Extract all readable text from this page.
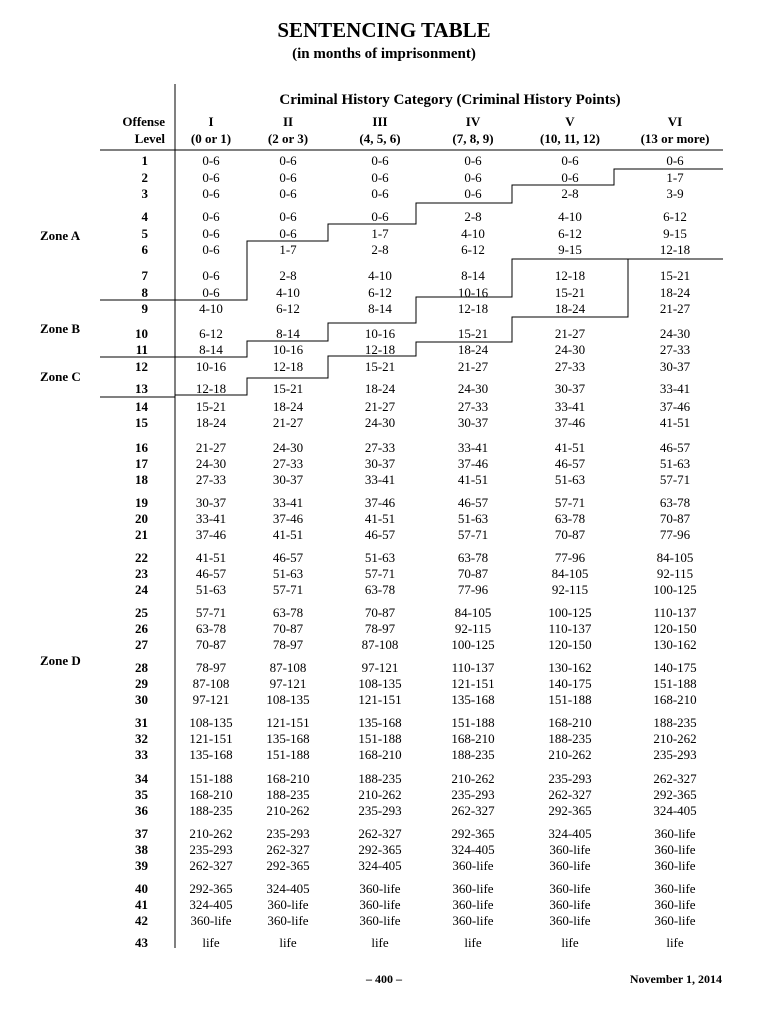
SENTENCING TABLE
(in months of imprisonment)
Criminal History Category (Criminal History Points)
Offense
Level
I
(0 or 1)
II
(2 or 3)
III
(4, 5, 6)
IV
(7, 8, 9)
V
(10, 11, 12)
VI
(13 or more)
1	0-6	0-6	0-6	0-6	0-6	0-6
2	0-6	0-6	0-6	0-6	0-6	1-7
3	0-6	0-6	0-6	0-6	2-8	3-9
4	0-6	0-6	0-6	2-8	4-10	6-12
5	0-6	0-6	1-7	4-10	6-12	9-15
6	0-6	1-7	2-8	6-12	9-15	12-18
7	0-6	2-8	4-10	8-14	12-18	15-21
8	0-6	4-10	6-12	10-16	15-21	18-24
9	4-10	6-12	8-14	12-18	18-24	21-27
10	6-12	8-14	10-16	15-21	21-27	24-30
11	8-14	10-16	12-18	18-24	24-30	27-33
12	10-16	12-18	15-21	21-27	27-33	30-37
13	12-18	15-21	18-24	24-30	30-37	33-41
14	15-21	18-24	21-27	27-33	33-41	37-46
15	18-24	21-27	24-30	30-37	37-46	41-51
16	21-27	24-30	27-33	33-41	41-51	46-57
17	24-30	27-33	30-37	37-46	46-57	51-63
18	27-33	30-37	33-41	41-51	51-63	57-71
19	30-37	33-41	37-46	46-57	57-71	63-78
20	33-41	37-46	41-51	51-63	63-78	70-87
21	37-46	41-51	46-57	57-71	70-87	77-96
22	41-51	46-57	51-63	63-78	77-96	84-105
23	46-57	51-63	57-71	70-87	84-105	92-115
24	51-63	57-71	63-78	77-96	92-115	100-125
25	57-71	63-78	70-87	84-105	100-125	110-137
26	63-78	70-87	78-97	92-115	110-137	120-150
27	70-87	78-97	87-108	100-125	120-150	130-162
28	78-97	87-108	97-121	110-137	130-162	140-175
29	87-108	97-121	108-135	121-151	140-175	151-188
30	97-121	108-135	121-151	135-168	151-188	168-210
31	108-135	121-151	135-168	151-188	168-210	188-235
32	121-151	135-168	151-188	168-210	188-235	210-262
33	135-168	151-188	168-210	188-235	210-262	235-293
34	151-188	168-210	188-235	210-262	235-293	262-327
35	168-210	188-235	210-262	235-293	262-327	292-365
36	188-235	210-262	235-293	262-327	292-365	324-405
37	210-262	235-293	262-327	292-365	324-405	360-life
38	235-293	262-327	292-365	324-405	360-life	360-life
39	262-327	292-365	324-405	360-life	360-life	360-life
40	292-365	324-405	360-life	360-life	360-life	360-life
41	324-405	360-life	360-life	360-life	360-life	360-life
42	360-life	360-life	360-life	360-life	360-life	360-life
43	life	life	life	life	life	life
Zone A
Zone B
Zone C
Zone D
– 400 –	November 1, 2014
